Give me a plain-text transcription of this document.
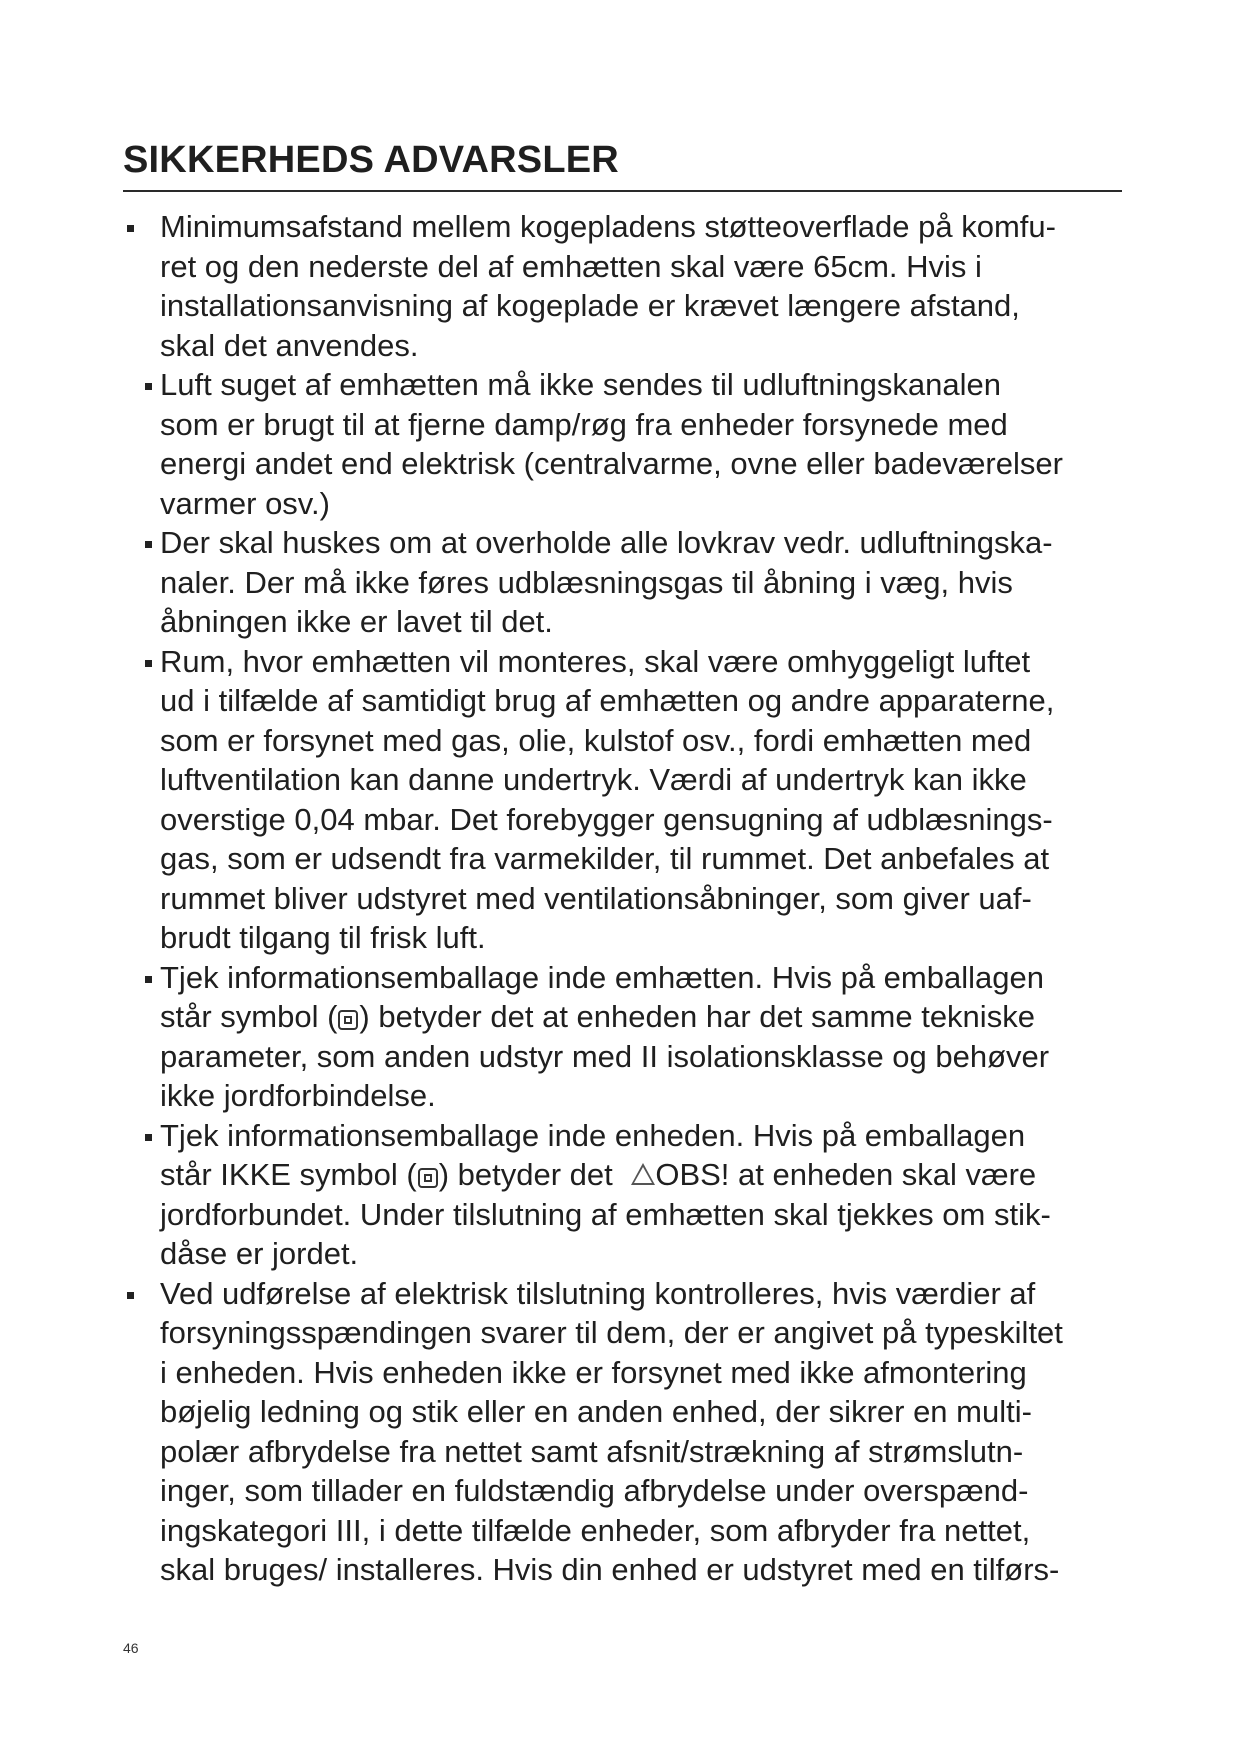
SIKKERHEDS ADVARSLER
Minimumsafstand mellem kogepladens støtteoverflade på komfu-
ret og den nederste del af emhætten skal være 65cm. Hvis i
installationsanvisning af kogeplade er krævet længere afstand,
skal det anvendes.
Luft suget af emhætten må ikke sendes til udluftningskanalen
som er brugt til at fjerne damp/røg fra enheder forsynede med
energi andet end elektrisk (centralvarme, ovne eller badeværelser
varmer osv.)
Der skal huskes om at overholde alle lovkrav vedr. udluftningska-
naler. Der må ikke føres udblæsningsgas til åbning i væg, hvis
åbningen ikke er lavet til det.
Rum, hvor emhætten vil monteres, skal være omhyggeligt luftet
ud i tilfælde af samtidigt brug af emhætten og andre apparaterne,
som er forsynet med gas, olie, kulstof osv., fordi emhætten med
luftventilation kan danne undertryk. Værdi af undertryk kan ikke
overstige 0,04 mbar. Det forebygger gensugning af udblæsnings-
gas, som er udsendt fra varmekilder, til rummet. Det anbefales at
rummet bliver udstyret med ventilationsåbninger, som giver uaf-
brudt tilgang til frisk luft.
Tjek informationsemballage inde emhætten. Hvis på emballagen
står symbol ( ) betyder det at enheden har det samme tekniske
parameter, som anden udstyr med II isolationsklasse og behøver
ikke jordforbindelse.
Tjek informationsemballage inde enheden. Hvis på emballagen
står IKKE symbol ( ) betyder det OBS! at enheden skal være
jordforbundet. Under tilslutning af emhætten skal tjekkes om stik-
dåse er jordet.
Ved udførelse af elektrisk tilslutning kontrolleres, hvis værdier af
forsyningsspændingen svarer til dem, der er angivet på typeskiltet
i enheden. Hvis enheden ikke er forsynet med ikke afmontering
bøjelig ledning og stik eller en anden enhed, der sikrer en multi-
polær afbrydelse fra nettet samt afsnit/strækning af strømslutn-
inger, som tillader en fuldstændig afbrydelse under overspænd-
ingskategori III, i dette tilfælde enheder, som afbryder fra nettet,
skal bruges/ installeres. Hvis din enhed er udstyret med en tilførs-
46
